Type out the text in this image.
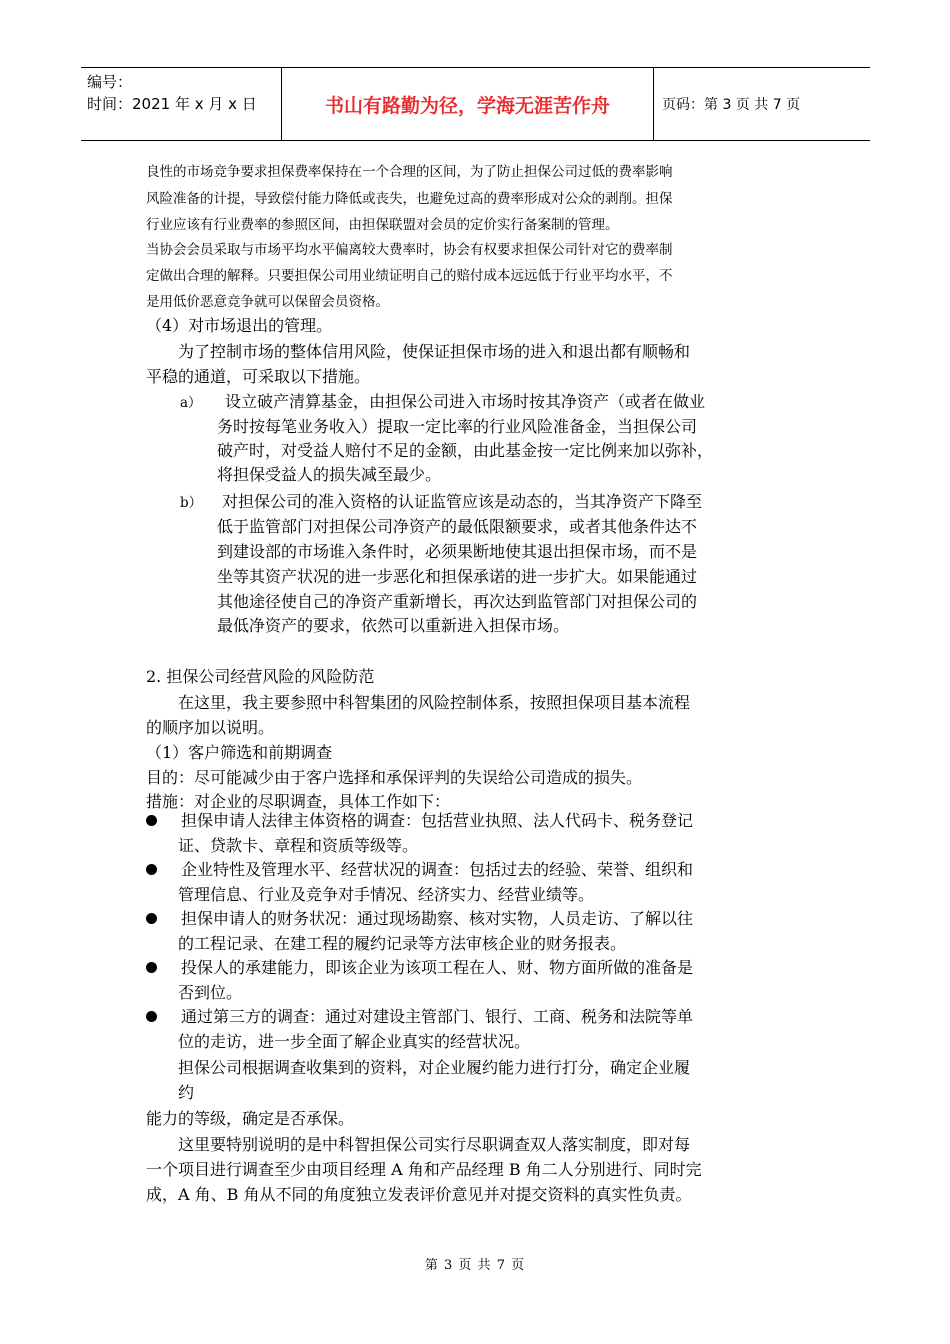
编号：
时间：2021 年 x 月 x 日	书山有路勤为径，学海无涯苦作舟	页码：第 3 页 共 7 页
良性的市场竞争要求担保费率保持在一个合理的区间，为了防止担保公司过低的费率影响
风险准备的计提，导致偿付能力降低或丧失，也避免过高的费率形成对公众的剥削。担保
行业应该有行业费率的参照区间，由担保联盟对会员的定价实行备案制的管理。
当协会会员采取与市场平均水平偏离较大费率时，协会有权要求担保公司针对它的费率制
定做出合理的解释。只要担保公司用业绩证明自己的赔付成本远远低于行业平均水平，不
是用低价恶意竞争就可以保留会员资格。
（4）对市场退出的管理。
为了控制市场的整体信用风险，使保证担保市场的进入和退出都有顺畅和
平稳的通道，可采取以下措施。
a） 设立破产清算基金，由担保公司进入市场时按其净资产（或者在做业
务时按每笔业务收入）提取一定比率的行业风险准备金，当担保公司
破产时，对受益人赔付不足的金额，由此基金按一定比例来加以弥补，
将担保受益人的损失减至最少。
b） 对担保公司的准入资格的认证监管应该是动态的，当其净资产下降至
低于监管部门对担保公司净资产的最低限额要求，或者其他条件达不
到建设部的市场谁入条件时，必须果断地使其退出担保市场，而不是
坐等其资产状况的进一步恶化和担保承诺的进一步扩大。如果能通过
其他途径使自己的净资产重新增长，再次达到监管部门对担保公司的
最低净资产的要求，依然可以重新进入担保市场。
2. 担保公司经营风险的风险防范
在这里，我主要参照中科智集团的风险控制体系，按照担保项目基本流程
的顺序加以说明。
（1）客户筛选和前期调查
目的：尽可能减少由于客户选择和承保评判的失误给公司造成的损失。
措施：对企业的尽职调查，具体工作如下：
担保申请人法律主体资格的调查：包括营业执照、法人代码卡、税务登记
证、贷款卡、章程和资质等级等。
企业特性及管理水平、经营状况的调查：包括过去的经验、荣誉、组织和
管理信息、行业及竞争对手情况、经济实力、经营业绩等。
担保申请人的财务状况：通过现场勘察、核对实物，人员走访、了解以往
的工程记录、在建工程的履约记录等方法审核企业的财务报表。
投保人的承建能力，即该企业为该项工程在人、财、物方面所做的准备是
否到位。
通过第三方的调查：通过对建设主管部门、银行、工商、税务和法院等单
位的走访，进一步全面了解企业真实的经营状况。
担保公司根据调查收集到的资料，对企业履约能力进行打分，确定企业履
约
能力的等级，确定是否承保。
这里要特别说明的是中科智担保公司实行尽职调查双人落实制度，即对每
一个项目进行调查至少由项目经理 A 角和产品经理 B 角二人分别进行、同时完
成，A 角、B 角从不同的角度独立发表评价意见并对提交资料的真实性负责。
第 3 页 共 7 页
